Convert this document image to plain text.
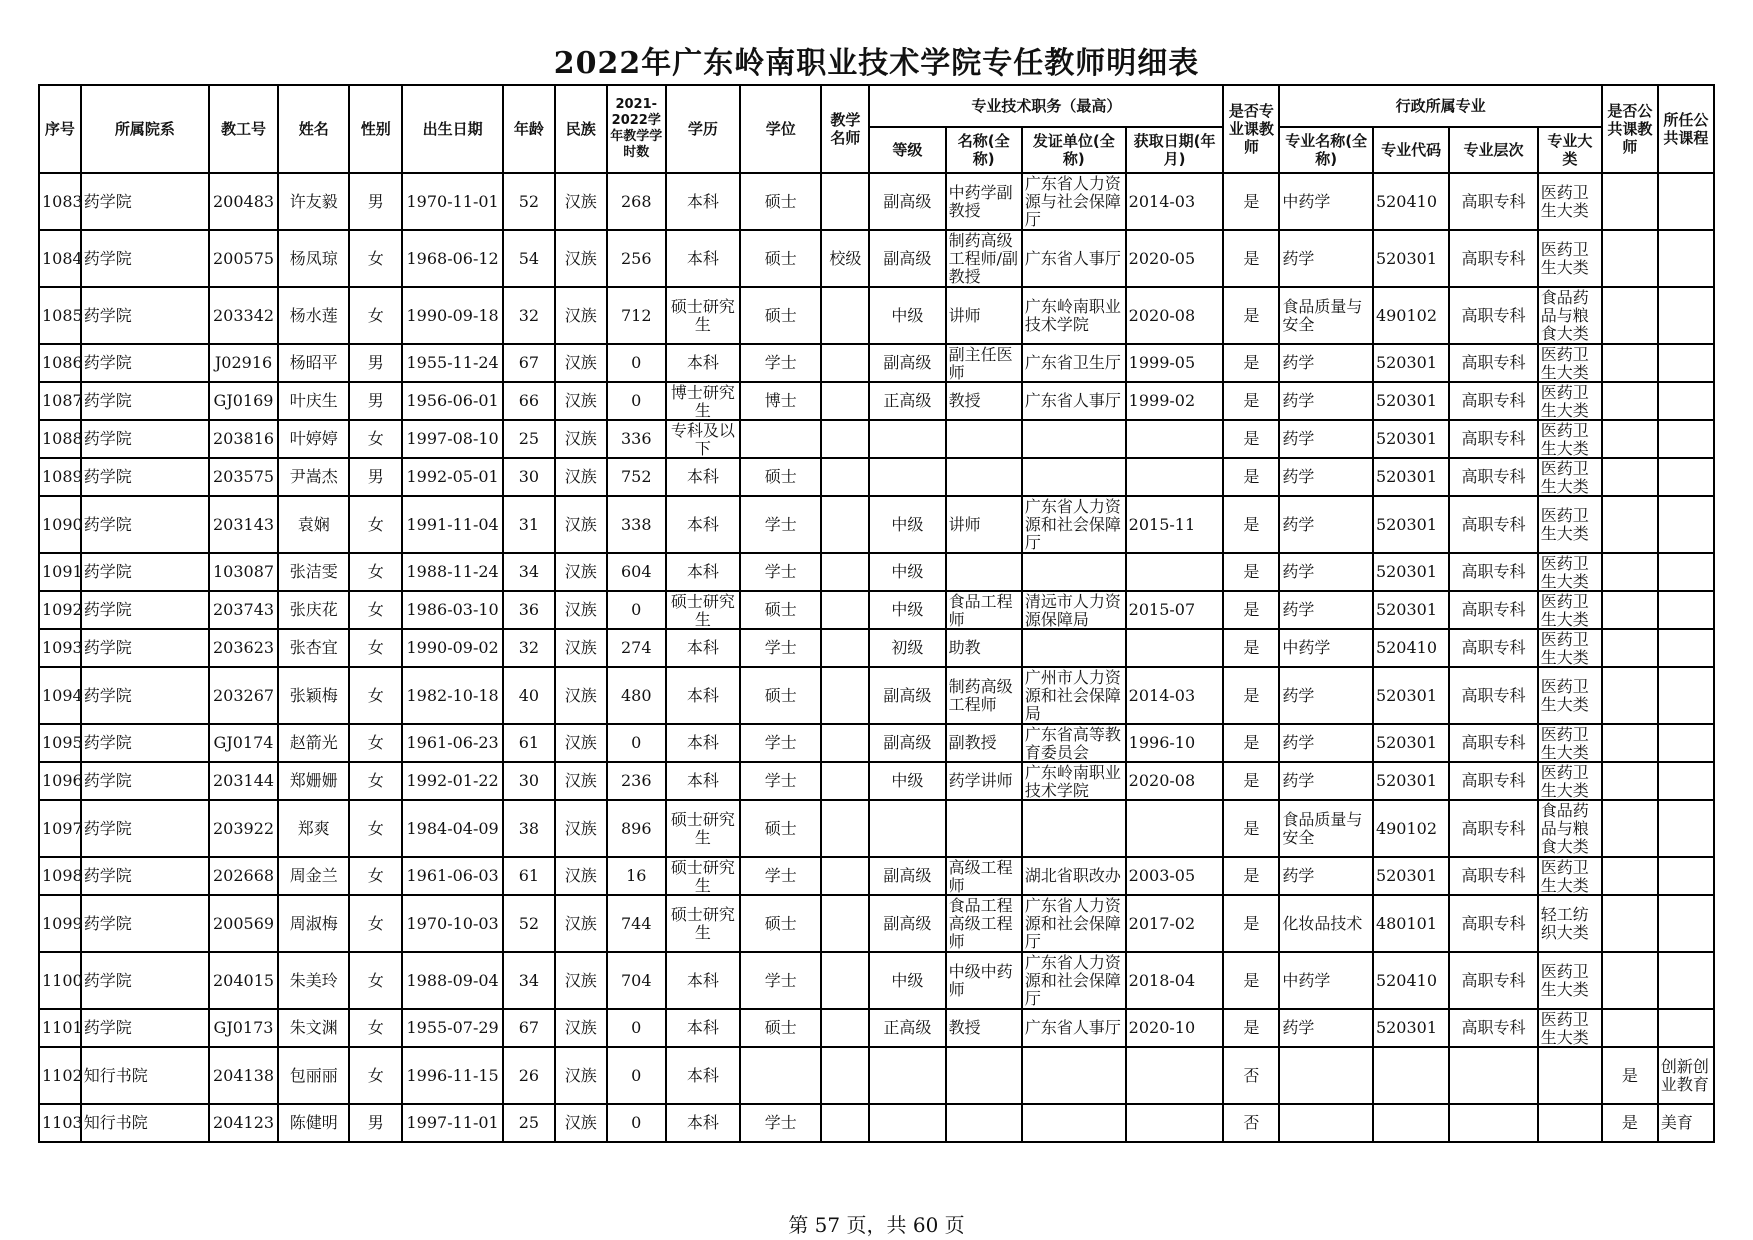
2022年广东岭南职业技术学院专任教师明细表
序号	所属院系	教工号	姓名	性别	出生日期	年龄	民族	2021-2022学年教学学时数	学历	学位	教学名师	专业技术职务（最高）				是否专业课教师	行政所属专业				是否公共课教师	所任公共课程
												等级	名称(全称)	发证单位(全称)	获取日期(年月)		专业名称(全称)	专业代码	专业层次	专业大类		

1083	药学院	200483	许友毅	男	1970-11-01	52	汉族	268	本科	硕士		副高级	中药学副教授	广东省人力资源与社会保障厅	2014-03	是	中药学	520410	高职专科	医药卫生大类		

1084	药学院	200575	杨凤琼	女	1968-06-12	54	汉族	256	本科	硕士	校级	副高级	制药高级工程师/副教授	广东省人事厅	2020-05	是	药学	520301	高职专科	医药卫生大类		

1085	药学院	203342	杨水莲	女	1990-09-18	32	汉族	712	硕士研究生	硕士		中级	讲师	广东岭南职业技术学院	2020-08	是	食品质量与安全	490102	高职专科	食品药品与粮食大类		

1086	药学院	J02916	杨昭平	男	1955-11-24	67	汉族	0	本科	学士		副高级	副主任医师	广东省卫生厅	1999-05	是	药学	520301	高职专科	医药卫生大类		

1087	药学院	GJ0169	叶庆生	男	1956-06-01	66	汉族	0	博士研究生	博士		正高级	教授	广东省人事厅	1999-02	是	药学	520301	高职专科	医药卫生大类		

1088	药学院	203816	叶婷婷	女	1997-08-10	25	汉族	336	专科及以下							是	药学	520301	高职专科	医药卫生大类		

1089	药学院	203575	尹嵩杰	男	1992-05-01	30	汉族	752	本科	硕士						是	药学	520301	高职专科	医药卫生大类		

1090	药学院	203143	袁娴	女	1991-11-04	31	汉族	338	本科	学士		中级	讲师	广东省人力资源和社会保障厅	2015-11	是	药学	520301	高职专科	医药卫生大类		

1091	药学院	103087	张洁雯	女	1988-11-24	34	汉族	604	本科	学士		中级				是	药学	520301	高职专科	医药卫生大类		

1092	药学院	203743	张庆花	女	1986-03-10	36	汉族	0	硕士研究生	硕士		中级	食品工程师	清远市人力资源保障局	2015-07	是	药学	520301	高职专科	医药卫生大类		

1093	药学院	203623	张杏宜	女	1990-09-02	32	汉族	274	本科	学士		初级	助教			是	中药学	520410	高职专科	医药卫生大类		

1094	药学院	203267	张颖梅	女	1982-10-18	40	汉族	480	本科	硕士		副高级	制药高级工程师	广州市人力资源和社会保障局	2014-03	是	药学	520301	高职专科	医药卫生大类		

1095	药学院	GJ0174	赵箭光	女	1961-06-23	61	汉族	0	本科	学士		副高级	副教授	广东省高等教育委员会	1996-10	是	药学	520301	高职专科	医药卫生大类		

1096	药学院	203144	郑姗姗	女	1992-01-22	30	汉族	236	本科	学士		中级	药学讲师	广东岭南职业技术学院	2020-08	是	药学	520301	高职专科	医药卫生大类		

1097	药学院	203922	郑爽	女	1984-04-09	38	汉族	896	硕士研究生	硕士						是	食品质量与安全	490102	高职专科	食品药品与粮食大类		

1098	药学院	202668	周金兰	女	1961-06-03	61	汉族	16	硕士研究生	学士		副高级	高级工程师	湖北省职改办	2003-05	是	药学	520301	高职专科	医药卫生大类		

1099	药学院	200569	周淑梅	女	1970-10-03	52	汉族	744	硕士研究生	硕士		副高级	食品工程高级工程师	广东省人力资源和社会保障厅	2017-02	是	化妆品技术	480101	高职专科	轻工纺织大类		

1100	药学院	204015	朱美玲	女	1988-09-04	34	汉族	704	本科	学士		中级	中级中药师	广东省人力资源和社会保障厅	2018-04	是	中药学	520410	高职专科	医药卫生大类		

1101	药学院	GJ0173	朱文渊	女	1955-07-29	67	汉族	0	本科	硕士		正高级	教授	广东省人事厅	2020-10	是	药学	520301	高职专科	医药卫生大类		

1102	知行书院	204138	包丽丽	女	1996-11-15	26	汉族	0	本科							否					是	创新创业教育

1103	知行书院	204123	陈健明	男	1997-11-01	25	汉族	0	本科	学士						否					是	美育
第 57 页，共 60 页
